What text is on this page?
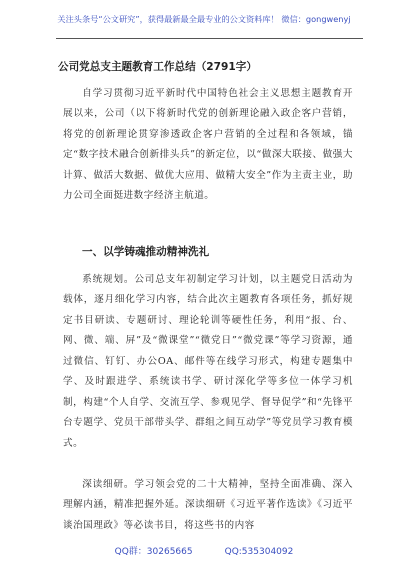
关注头条号“公文研究”，获得最新最全最专业的公文资料库！ 微信：gongwenyj
公司党总支主题教育工作总结（2791字）
自学习贯彻习近平新时代中国特色社会主义思想主题教育开展以来，公司（以下将新时代党的创新理论融入政企客户营销，将党的创新理论贯穿渗透政企客户营销的全过程和各领域，锚定“数字技术融合创新排头兵”的新定位，以“做深大联接、做强大计算、做活大数据、做优大应用、做精大安全”作为主责主业，助力公司全面挺进数字经济主航道。
一、以学铸魂推动精神洗礼
系统规划。公司总支年初制定学习计划，以主题党日活动为载体，逐月细化学习内容，结合此次主题教育各项任务，抓好规定书目研读、专题研讨、理论轮训等硬性任务，利用“报、台、网、微、端、屏”及“微课堂”“微党日”“微党课”等学习资源，通过微信、钉钉、办公OA、邮件等在线学习形式，构建专题集中学、及时跟进学、系统读书学、研讨深化学等多位一体学习机制，构建“个人自学、交流互学、参观见学、督导促学”和“先锋平台专题学、党员干部带头学、群组之间互动学”等党员学习教育模式。
深读细研。学习领会党的二十大精神，坚持全面准确、深入理解内涵，精准把握外延。深读细研《习近平著作选读》《习近平谈治国理政》等必读书目，将这些书的内容
QQ群：30265665	QQ:535304092
